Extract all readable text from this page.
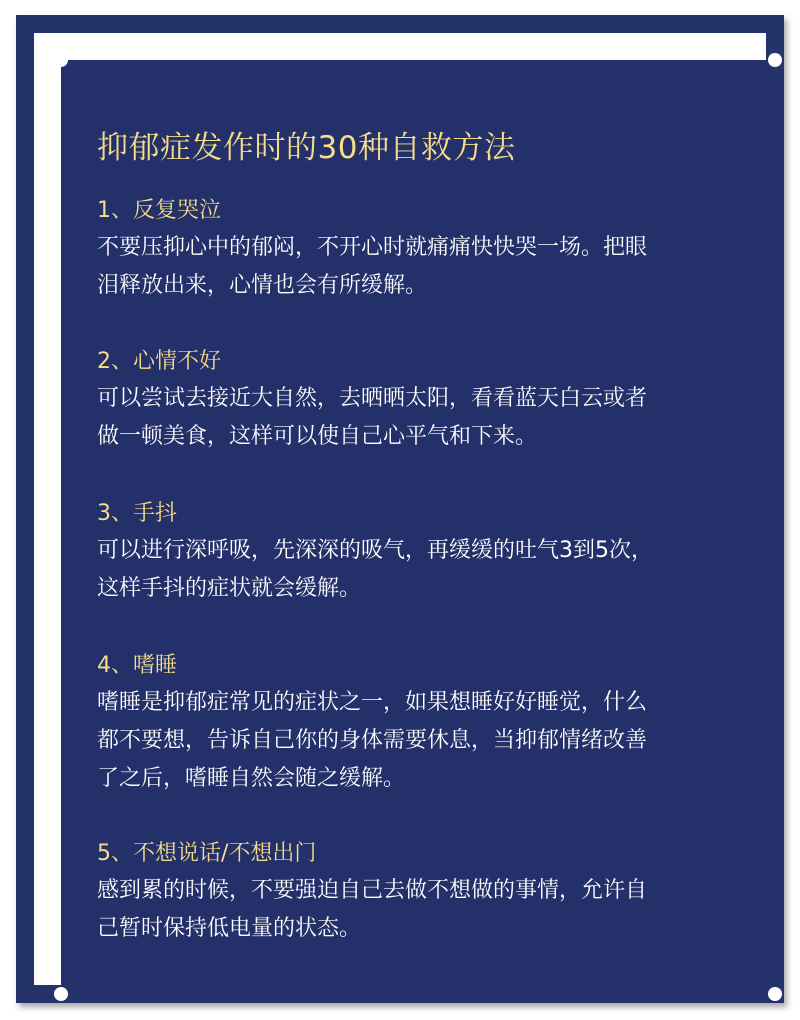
抑郁症发作时的30种自救方法

1、反复哭泣

不要压抑心中的郁闷，不开心时就痛痛快快哭一场。把眼
泪释放出来，心情也会有所缓解。

2、心情不好

可以尝试去接近大自然，去晒晒太阳，看看蓝天白云或者
做一顿美食，这样可以使自己心平气和下来。

3、手抖

可以进行深呼吸，先深深的吸气，再缓缓的吐气3到5次，
这样手抖的症状就会缓解。

4、嗜睡

嗜睡是抑郁症常见的症状之一，如果想睡好好睡觉，什么
都不要想，告诉自己你的身体需要休息，当抑郁情绪改善
了之后，嗜睡自然会随之缓解。

5、不想说话/不想出门

感到累的时候，不要强迫自己去做不想做的事情，允许自
己暂时保持低电量的状态。
